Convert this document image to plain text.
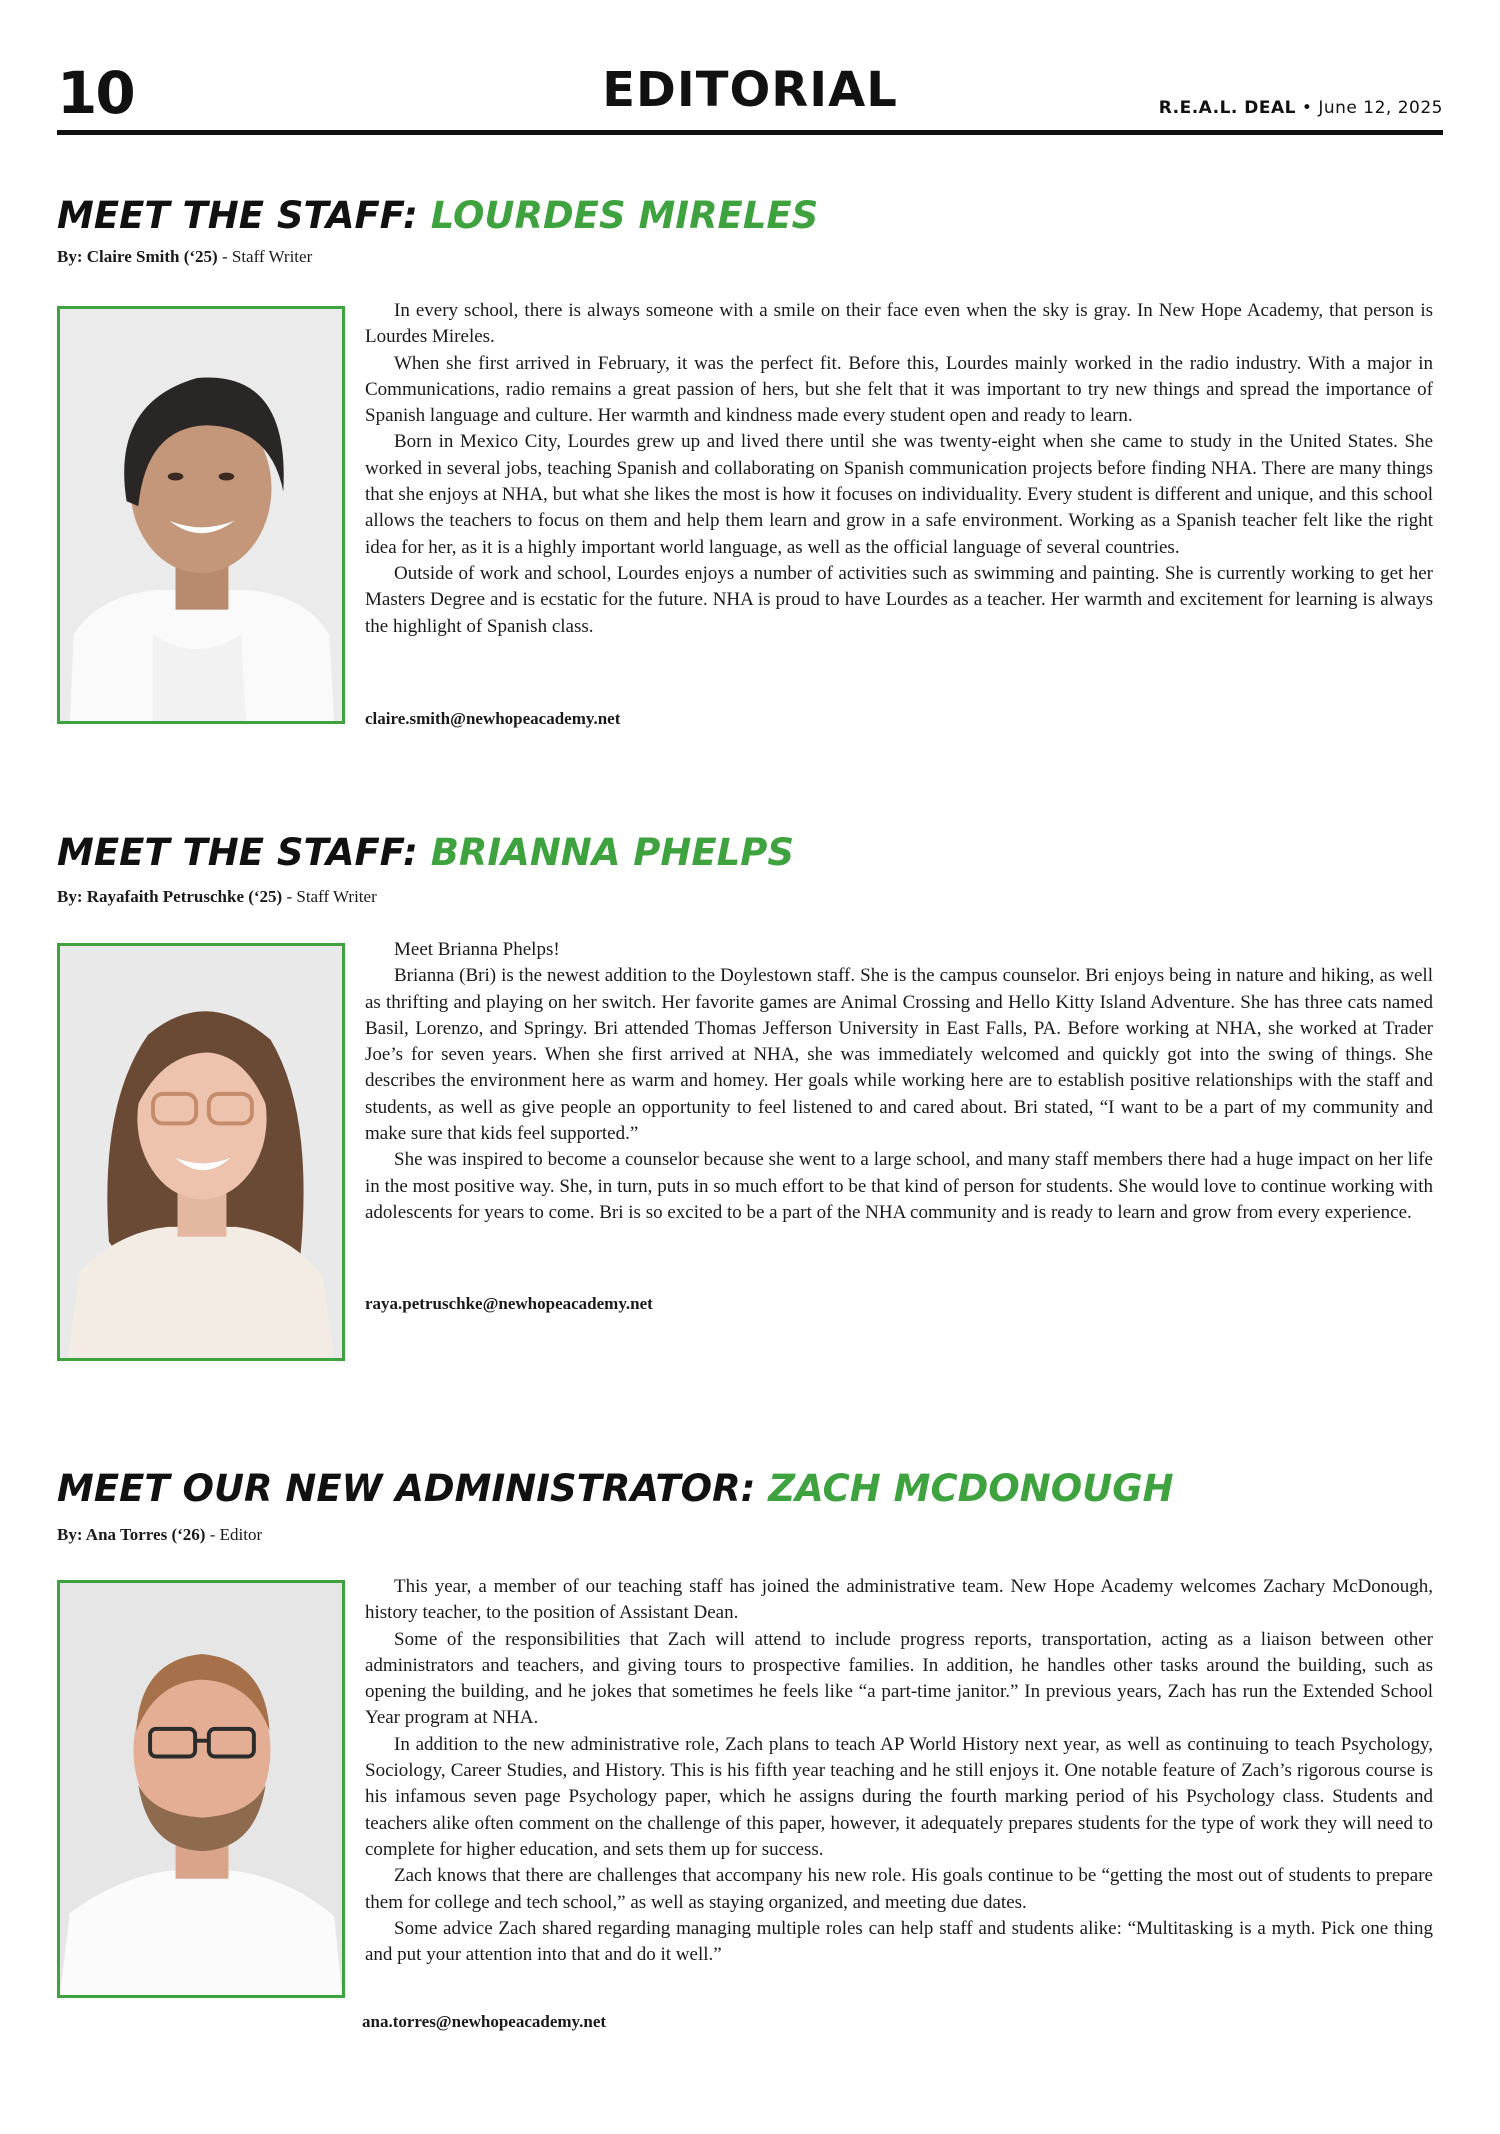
10	EDITORIAL	R.E.A.L. DEAL • June 12, 2025
MEET THE STAFF: LOURDES MIRELES
By: Claire Smith (‘25) - Staff Writer

In every school, there is always someone with a smile on their face even when the sky is gray. In New Hope Academy, that person is Lourdes Mireles.

When she first arrived in February, it was the perfect fit. Before this, Lourdes mainly worked in the radio industry. With a major in Communications, radio remains a great passion of hers, but she felt that it was important to try new things and spread the importance of Spanish language and culture. Her warmth and kindness made every student open and ready to learn.

Born in Mexico City, Lourdes grew up and lived there until she was twenty-eight when she came to study in the United States. She worked in several jobs, teaching Spanish and collaborating on Spanish communication projects before finding NHA. There are many things that she enjoys at NHA, but what she likes the most is how it focuses on individuality. Every student is different and unique, and this school allows the teachers to focus on them and help them learn and grow in a safe environment. Working as a Spanish teacher felt like the right idea for her, as it is a highly important world language, as well as the official language of several countries.

Outside of work and school, Lourdes enjoys a number of activities such as swimming and painting. She is currently working to get her Masters Degree and is ecstatic for the future. NHA is proud to have Lourdes as a teacher. Her warmth and excitement for learning is always the highlight of Spanish class.

claire.smith@newhopeacademy.net
MEET THE STAFF: BRIANNA PHELPS
By: Rayafaith Petruschke (‘25) - Staff Writer

Meet Brianna Phelps!

Brianna (Bri) is the newest addition to the Doylestown staff. She is the campus counselor. Bri enjoys being in nature and hiking, as well as thrifting and playing on her switch. Her favorite games are Animal Crossing and Hello Kitty Island Adventure. She has three cats named Basil, Lorenzo, and Springy. Bri attended Thomas Jefferson University in East Falls, PA. Before working at NHA, she worked at Trader Joe’s for seven years. When she first arrived at NHA, she was immediately welcomed and quickly got into the swing of things. She describes the environment here as warm and homey. Her goals while working here are to establish positive relationships with the staff and students, as well as give people an opportunity to feel listened to and cared about. Bri stated, “I want to be a part of my community and make sure that kids feel supported.”

She was inspired to become a counselor because she went to a large school, and many staff members there had a huge impact on her life in the most positive way. She, in turn, puts in so much effort to be that kind of person for students. She would love to continue working with adolescents for years to come. Bri is so excited to be a part of the NHA community and is ready to learn and grow from every experience.

raya.petruschke@newhopeacademy.net
MEET OUR NEW ADMINISTRATOR: ZACH MCDONOUGH
By: Ana Torres (‘26) - Editor

This year, a member of our teaching staff has joined the administrative team. New Hope Academy welcomes Zachary McDonough, history teacher, to the position of Assistant Dean.

Some of the responsibilities that Zach will attend to include progress reports, transportation, acting as a liaison between other administrators and teachers, and giving tours to prospective families. In addition, he handles other tasks around the building, such as opening the building, and he jokes that sometimes he feels like “a part-time janitor.” In previous years, Zach has run the Extended School Year program at NHA.

In addition to the new administrative role, Zach plans to teach AP World History next year, as well as continuing to teach Psychology, Sociology, Career Studies, and History. This is his fifth year teaching and he still enjoys it. One notable feature of Zach’s rigorous course is his infamous seven page Psychology paper, which he assigns during the fourth marking period of his Psychology class. Students and teachers alike often comment on the challenge of this paper, however, it adequately prepares students for the type of work they will need to complete for higher education, and sets them up for success.

Zach knows that there are challenges that accompany his new role. His goals continue to be “getting the most out of students to prepare them for college and tech school,” as well as staying organized, and meeting due dates.

Some advice Zach shared regarding managing multiple roles can help staff and students alike: “Multitasking is a myth. Pick one thing and put your attention into that and do it well.”

ana.torres@newhopeacademy.net
